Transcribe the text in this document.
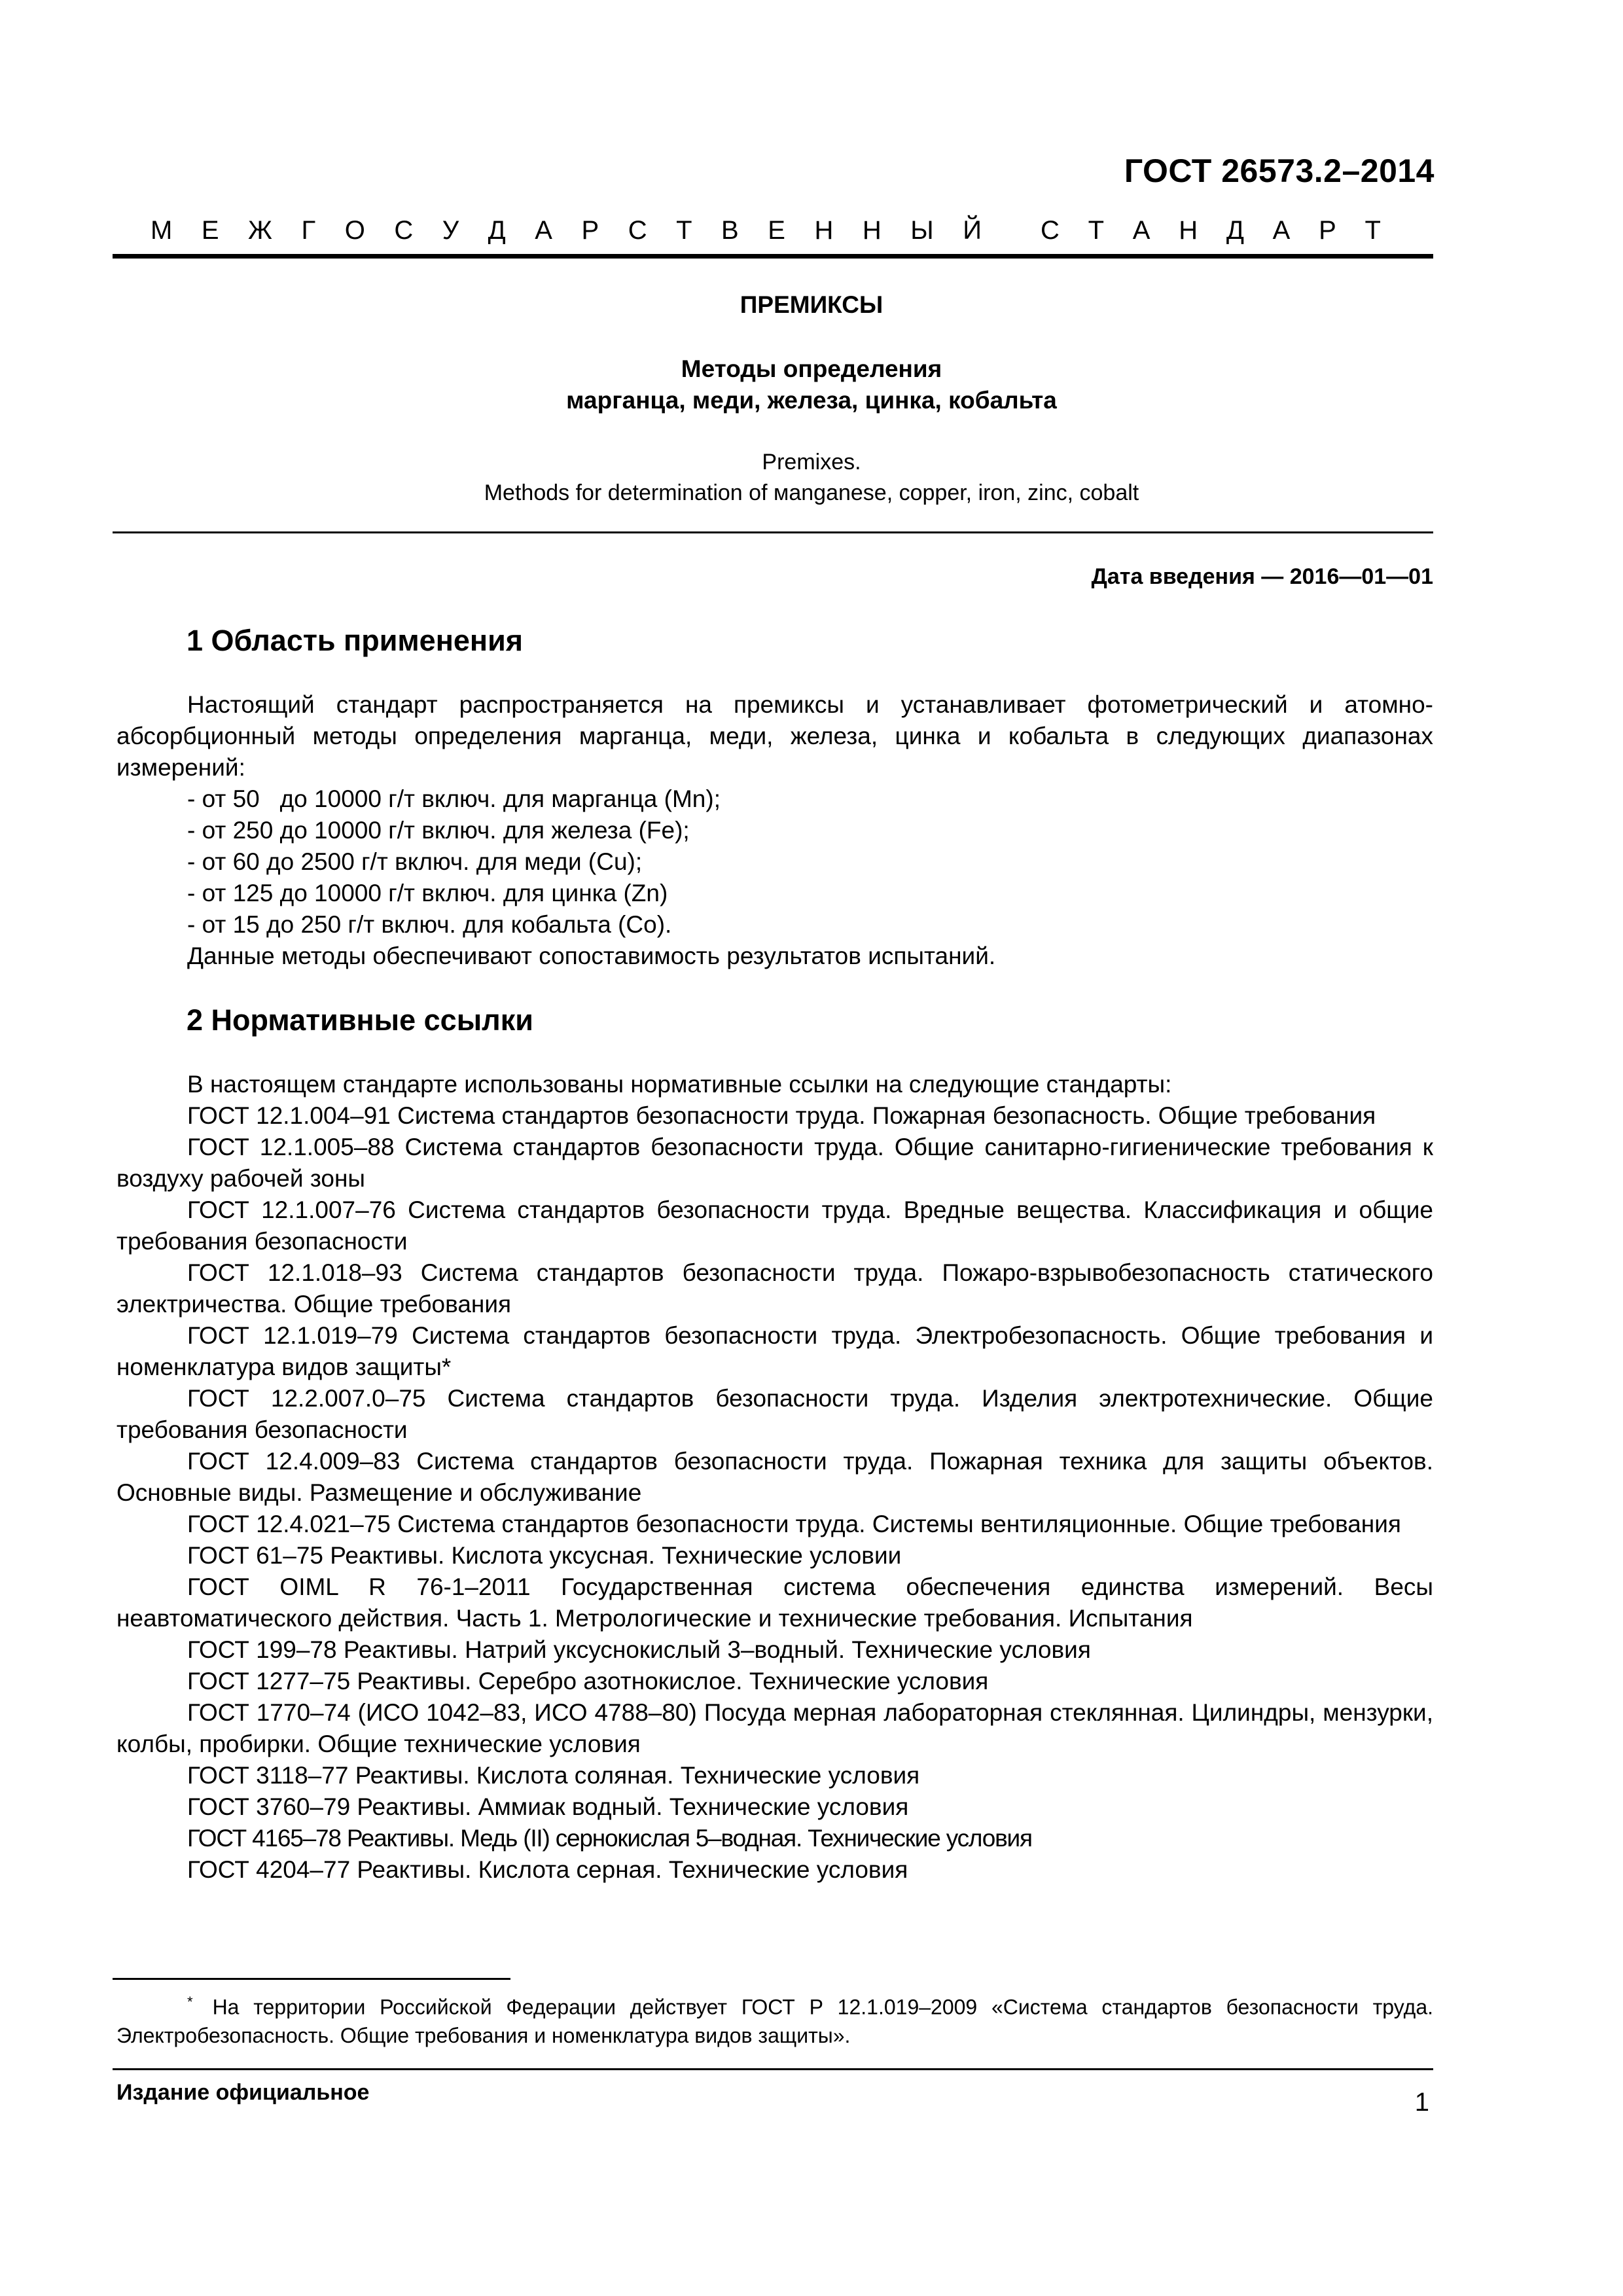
ГОСТ 26573.2–2014
М Е Ж Г О С У Д А Р С Т В Е Н Н Ы Й С Т А Н Д А Р Т
ПРЕМИКСЫ
Методы определения
марганца, меди, железа, цинка, кобальта
Premixes.
Methods for determination of мanganese, copper, iron, zinc, cobalt
Дата введения — 2016—01—01
1 Область применения

Настоящий стандарт распространяется на премиксы и устанавливает фотометрический и атомно-абсорбционный методы определения марганца, меди, железа, цинка и кобальта в следующих диапазонах измерений:

- от 50   до 10000 г/т включ. для марганца (Mn);

- от 250 до 10000 г/т включ. для железа (Fe);

- от 60 до 2500 г/т включ. для меди (Cu);

- от 125 до 10000 г/т включ. для цинка (Zn)

- от 15 до 250 г/т включ. для кобальта (Co).

Данные методы обеспечивают сопоставимость результатов испытаний.

2 Нормативные ссылки

В настоящем стандарте использованы нормативные ссылки на следующие стандарты:

ГОСТ 12.1.004–91 Система стандартов безопасности труда. Пожарная безопасность. Общие требования

ГОСТ 12.1.005–88 Система стандартов безопасности труда. Общие санитарно-гигиенические требования к воздуху рабочей зоны

ГОСТ 12.1.007–76 Система стандартов безопасности труда. Вредные вещества. Классификация и общие требования безопасности

ГОСТ 12.1.018–93 Система стандартов безопасности труда. Пожаро-взрывобезопасность статического электричества. Общие требования

ГОСТ 12.1.019–79 Система стандартов безопасности труда. Электробезопасность. Общие требования и номенклатура видов защиты*

ГОСТ 12.2.007.0–75 Система стандартов безопасности труда. Изделия электротехнические. Общие требования безопасности

ГОСТ 12.4.009–83 Система стандартов безопасности труда. Пожарная техника для защиты объектов. Основные виды. Размещение и обслуживание

ГОСТ 12.4.021–75 Система стандартов безопасности труда. Системы вентиляционные. Общие требования

ГОСТ 61–75 Реактивы. Кислота уксусная. Технические условии

ГОСТ OIML R 76-1–2011 Государственная система обеспечения единства измерений. Весы неавтоматического действия. Часть 1. Метрологические и технические требования. Испытания

ГОСТ 199–78 Реактивы. Натрий уксуснокислый 3–водный. Технические условия

ГОСТ 1277–75 Реактивы. Серебро азотнокислое. Технические условия

ГОСТ 1770–74 (ИСО 1042–83, ИСО 4788–80) Посуда мерная лабораторная стеклянная. Цилиндры, мензурки, колбы, пробирки. Общие технические условия

ГОСТ 3118–77 Реактивы. Кислота соляная. Технические условия

ГОСТ 3760–79 Реактивы. Аммиак водный. Технические условия

ГОСТ 4165–78 Реактивы. Медь (II) сернокислая 5–водная. Технические условия

ГОСТ 4204–77 Реактивы. Кислота серная. Технические условия

* На территории Российской Федерации действует ГОСТ Р 12.1.019–2009 «Система стандартов безопасности труда. Электробезопасность. Общие требования и номенклатура видов защиты».
Издание официальное	1
